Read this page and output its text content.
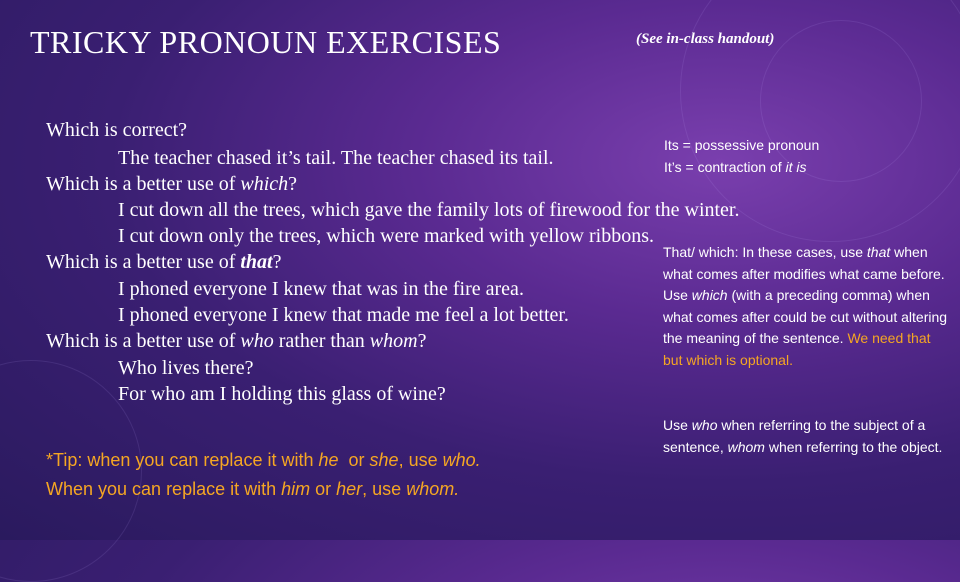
TRICKY PRONOUN EXERCISES	(See in-class handout)
Which is correct?
The teacher chased it’s tail. The teacher chased its tail.
Which is a better use of which?
I cut down all the trees, which gave the family lots of firewood for the winter.
I cut down only the trees, which were marked with yellow ribbons.
Which is a better use of that?
I phoned everyone I knew that was in the fire area.
I phoned everyone I knew that made me feel a lot better.
Which is a better use of who rather than whom?
Who lives there?
For who am I holding this glass of wine?
Its = possessive pronoun
It’s = contraction of it is
That/ which: In these cases, use that when what comes after modifies what came before. Use which (with a preceding comma) when what comes after could be cut without altering the meaning of the sentence. We need that but which is optional.
Use who when referring to the subject of a sentence, whom when referring to the object.
*Tip: when you can replace it with he  or she, use who.
When you can replace it with him or her, use whom.
